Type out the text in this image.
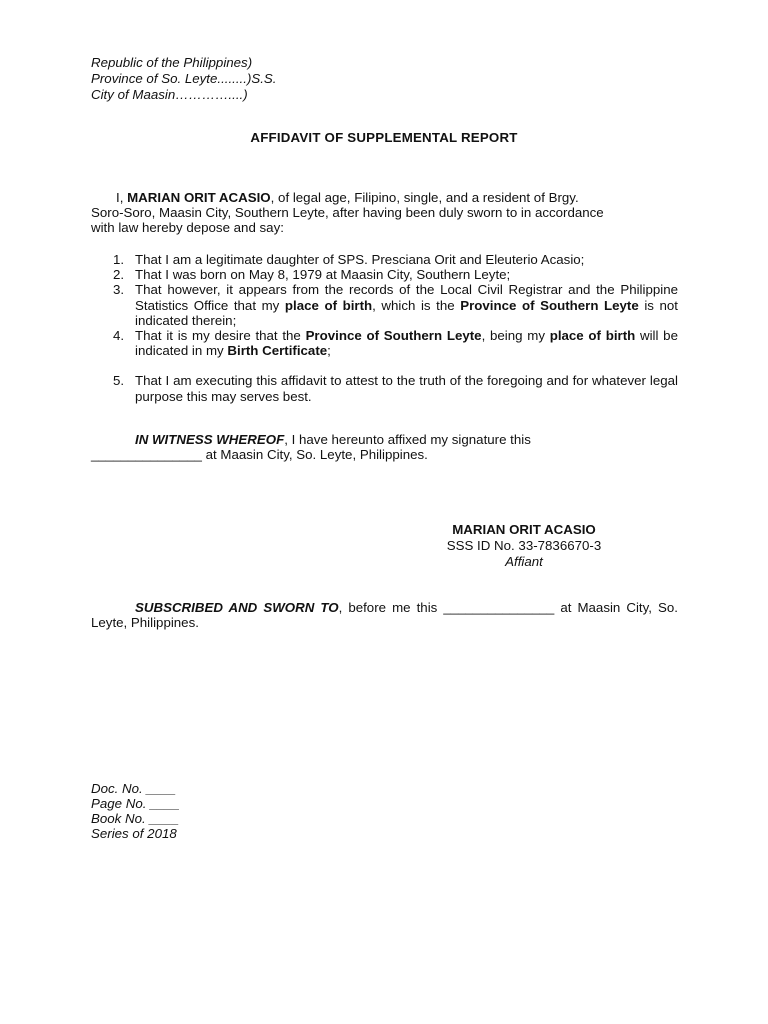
Republic of the Philippines)
Province of So. Leyte........)S.S.
City of Maasin…………....)
AFFIDAVIT OF SUPPLEMENTAL REPORT

I, MARIAN ORIT ACASIO, of legal age, Filipino, single, and a resident of Brgy.

Soro-Soro, Maasin City, Southern Leyte, after having been duly sworn to in accordance

with law hereby depose and say:

1. That I am a legitimate daughter of SPS. Presciana Orit and Eleuterio Acasio;
2. That I was born on May 8, 1979 at Maasin City, Southern Leyte;
3. That however, it appears from the records of the Local Civil Registrar and the Philippine Statistics Office that my place of birth, which is the Province of Southern Leyte is not indicated therein;
4. That it is my desire that the Province of Southern Leyte, being my place of birth will be indicated in my Birth Certificate;
5. That I am executing this affidavit to attest to the truth of the foregoing and for whatever legal purpose this may serves best.

IN WITNESS WHEREOF, I have hereunto affixed my signature this

_______________ at Maasin City, So. Leyte, Philippines.

MARIAN ORIT ACASIO
SSS ID No. 33-7836670-3
Affiant

SUBSCRIBED AND SWORN TO, before me this _______________ at Maasin City, So. Leyte, Philippines.

Doc. No. ____
Page No. ____
Book No. ____
Series of 2018
